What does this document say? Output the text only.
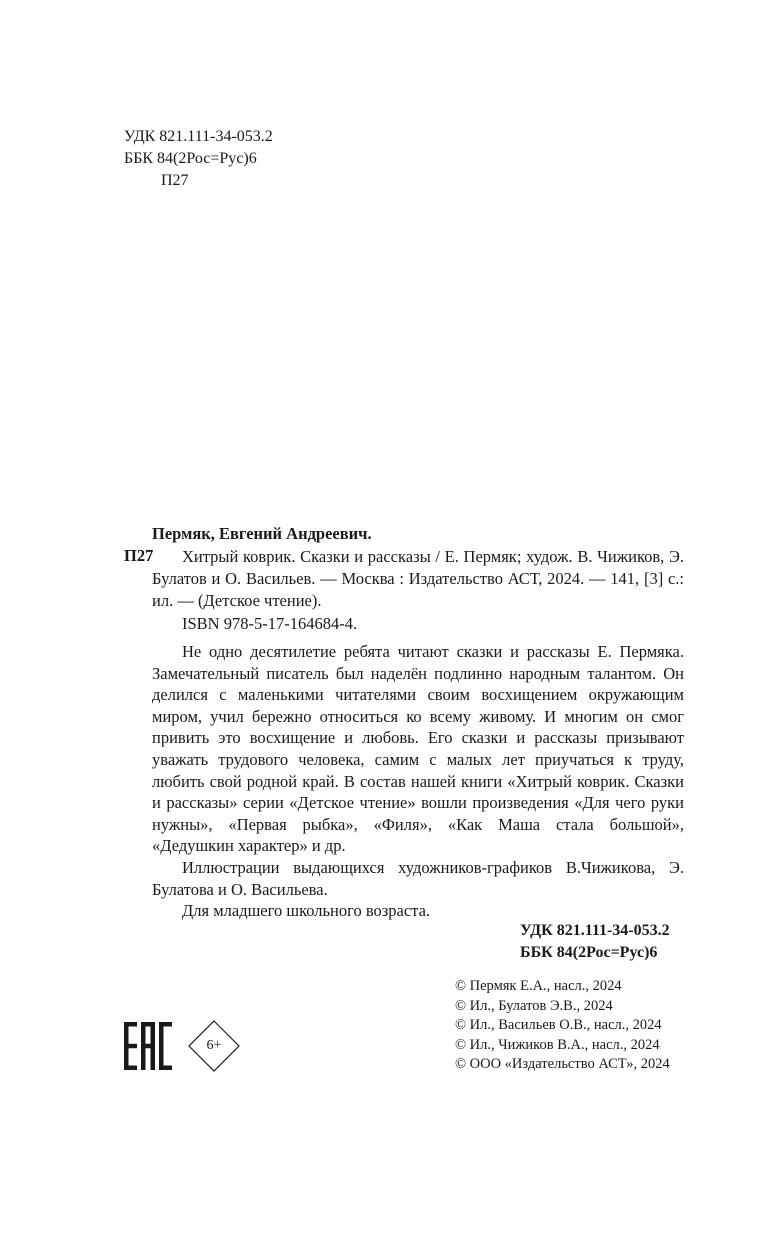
УДК 821.111-34-053.2
ББК 84(2Рос=Рус)6
П27
Пермяк, Евгений Андреевич.
П27	Хитрый коврик. Сказки и рассказы / Е. Пермяк; худож. В. Чижиков, Э. Булатов и О. Васильев. — Москва : Издательство АСТ, 2024. — 141, [3] с.: ил. — (Детское чтение).

ISBN 978-5-17-164684-4.

Не одно десятилетие ребята читают сказки и рассказы Е. Пермяка. Замечательный писатель был наделён подлинно народным талантом. Он делился с маленькими читателями своим восхищением окружающим миром, учил бережно относиться ко всему живому. И многим он смог привить это восхищение и любовь. Его сказки и рассказы призывают уважать трудового человека, самим с малых лет приучаться к труду, любить свой родной край. В состав нашей книги «Хитрый коврик. Сказки и рассказы» серии «Детское чтение» вошли произведения «Для чего руки нужны», «Первая рыбка», «Филя», «Как Маша стала большой», «Дедушкин характер» и др.

Иллюстрации выдающихся художников-графиков В.Чижикова, Э. Булатова и О. Васильева.

Для младшего школьного возраста.

УДК 821.111-34-053.2
ББК 84(2Рос=Рус)6
© Пермяк Е.А., насл., 2024
© Ил., Булатов Э.В., 2024
© Ил., Васильев О.В., насл., 2024
© Ил., Чижиков В.А., насл., 2024
© ООО «Издательство АСТ», 2024
6+
